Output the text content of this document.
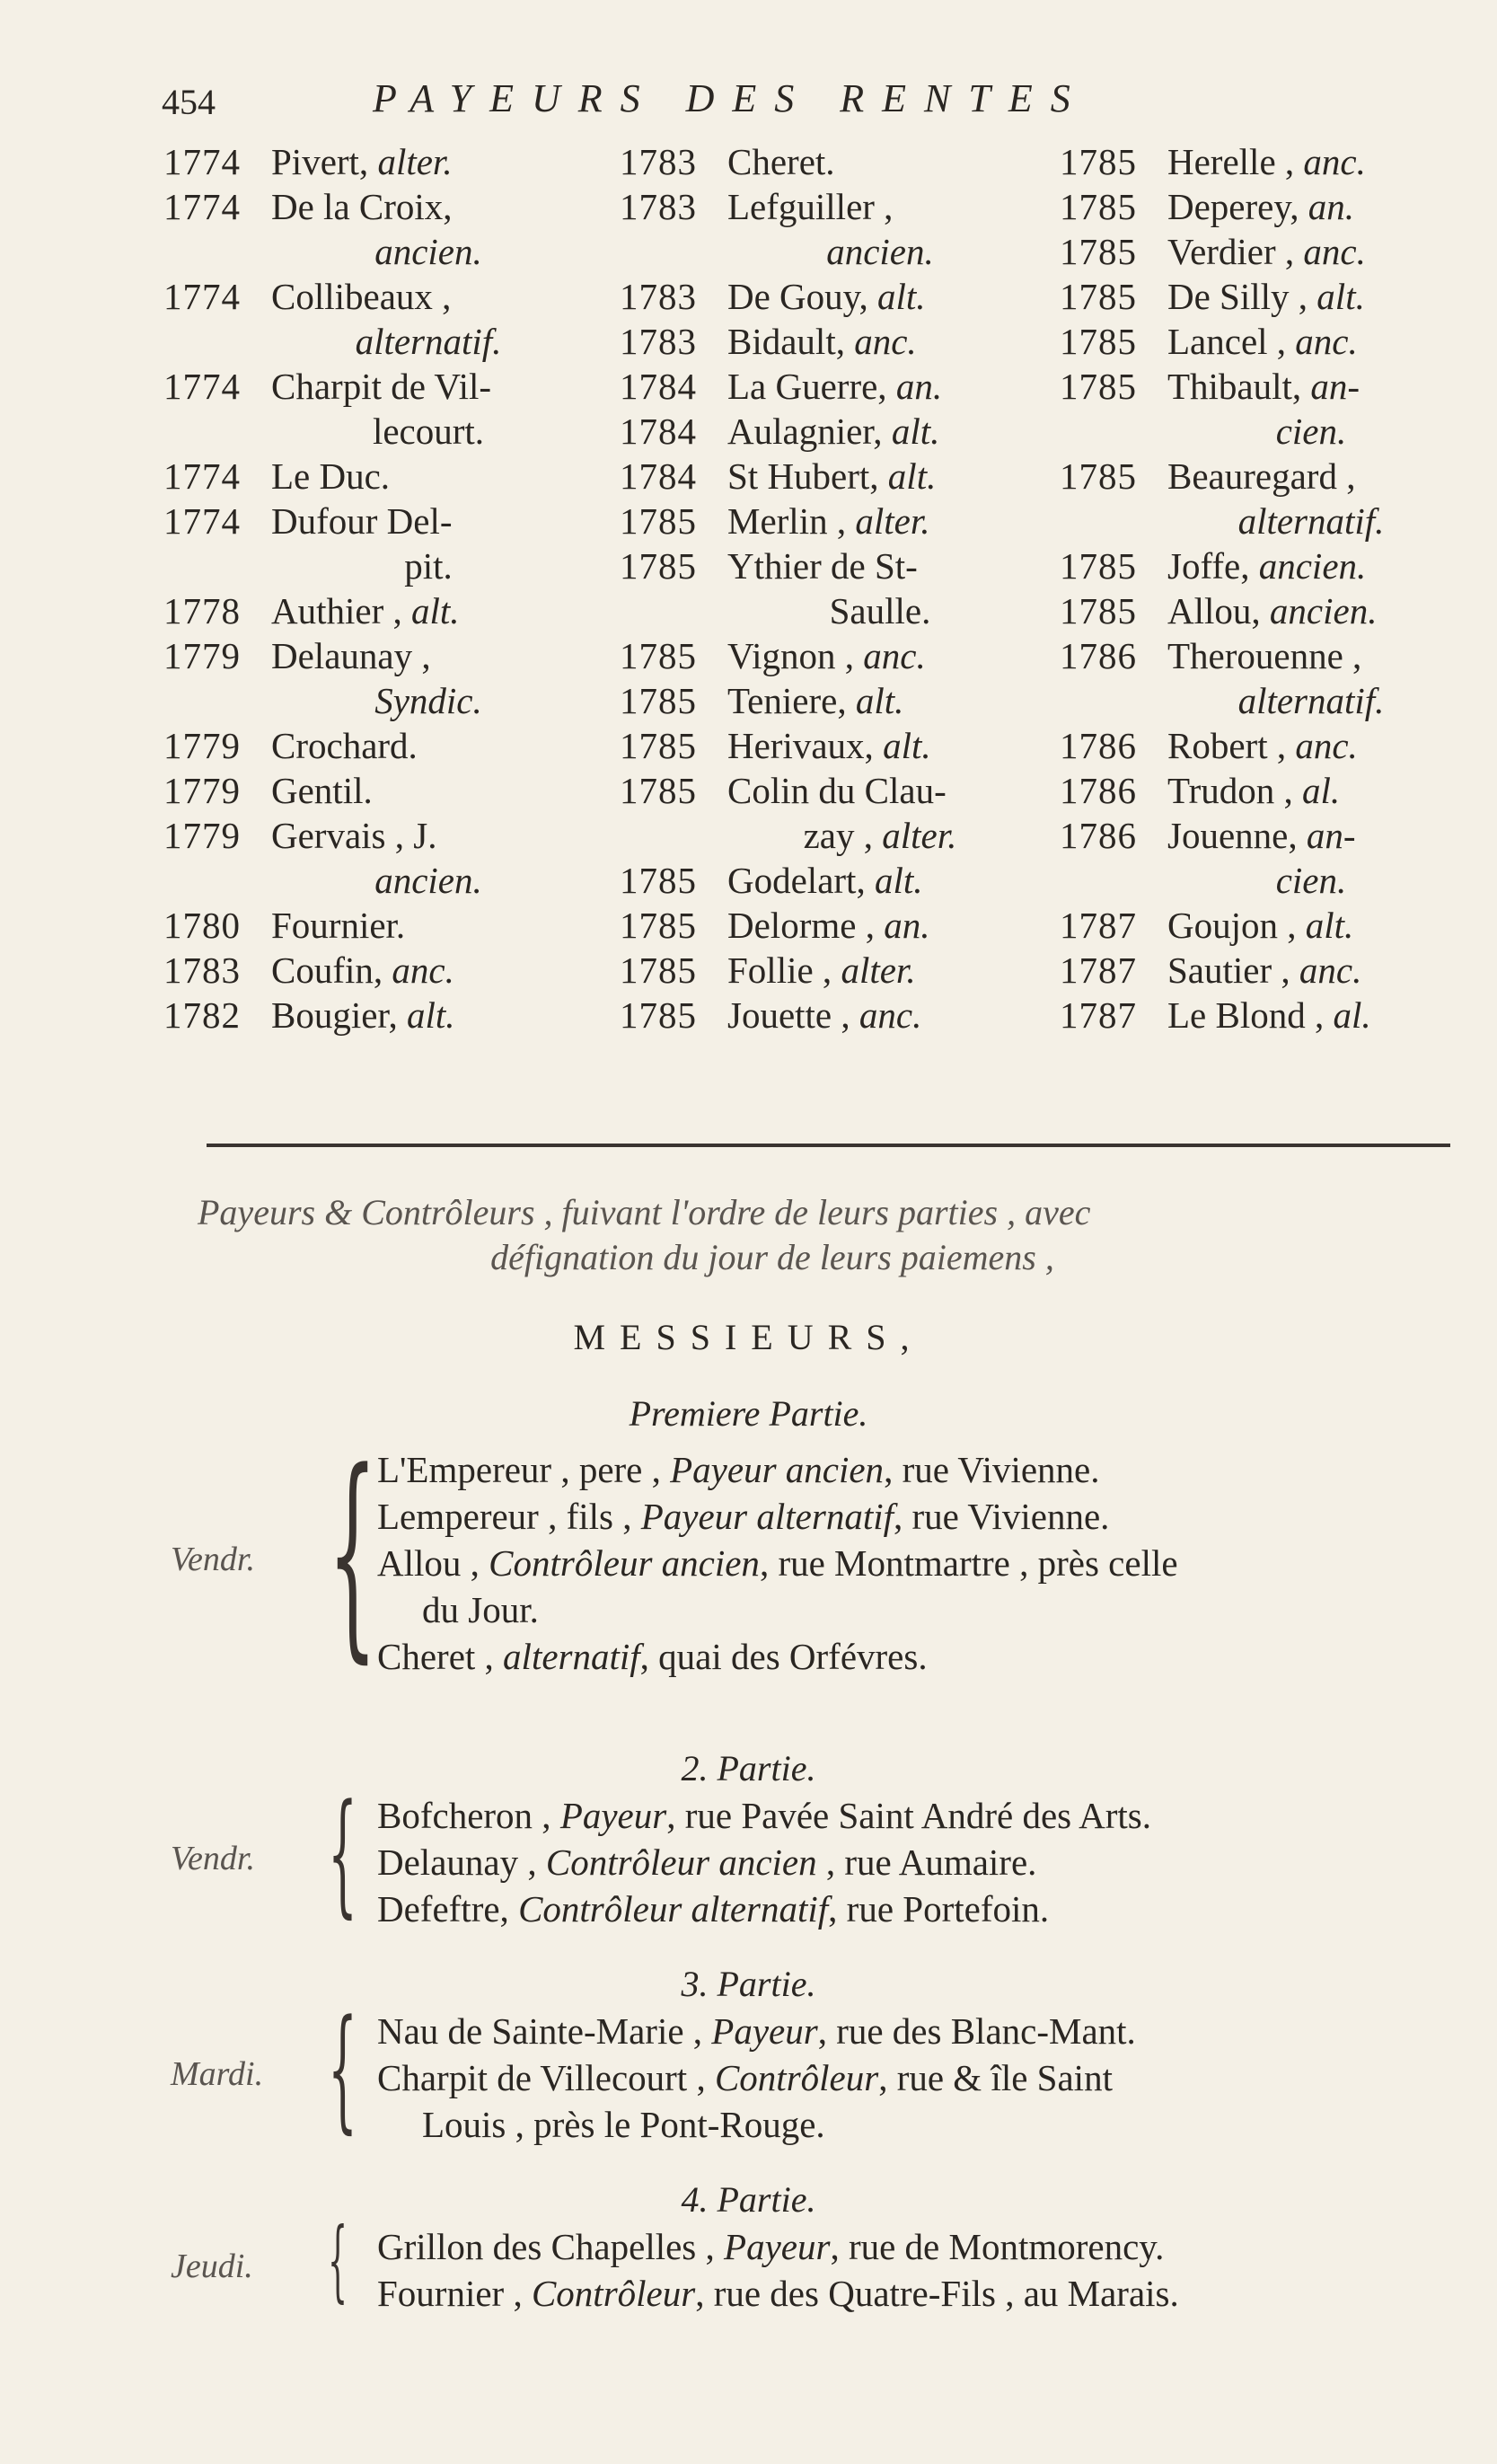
454	PAYEURS DES RENTES
1774 Pivert, alter.
1774 De la Croix,
ancien.
1774 Collibeaux ,
alternatif.
1774 Charpit de Vil-
lecourt.
1774 Le Duc.
1774 Dufour Del-
pit.
1778 Authier , alt.
1779 Delaunay ,
Syndic.
1779 Crochard.
1779 Gentil.
1779 Gervais , J.
ancien.
1780 Fournier.
1783 Coufin, anc.
1782 Bougier, alt.
1783 Cheret.
1783 Lefguiller ,
ancien.
1783 De Gouy, alt.
1783 Bidault, anc.
1784 La Guerre, an.
1784 Aulagnier, alt.
1784 St Hubert, alt.
1785 Merlin , alter.
1785 Ythier de St-
Saulle.
1785 Vignon , anc.
1785 Teniere, alt.
1785 Herivaux, alt.
1785 Colin du Clau-
zay , alter.
1785 Godelart, alt.
1785 Delorme , an.
1785 Follie , alter.
1785 Jouette , anc.
1785 Herelle , anc.
1785 Deperey, an.
1785 Verdier , anc.
1785 De Silly , alt.
1785 Lancel , anc.
1785 Thibault, an-
cien.
1785 Beauregard ,
alternatif.
1785 Joffe, ancien.
1785 Allou, ancien.
1786 Therouenne ,
alternatif.
1786 Robert , anc.
1786 Trudon , al.
1786 Jouenne, an-
cien.
1787 Goujon , alt.
1787 Sautier , anc.
1787 Le Blond , al.
Payeurs & Contrôleurs , fuivant l'ordre de leurs parties , avec
défignation du jour de leurs paiemens ,
MESSIEURS,
Premiere Partie.
Vendr. { L'Empereur , pere , Payeur ancien, rue Vivienne.
Lempereur , fils , Payeur alternatif, rue Vivienne.
Allou , Contrôleur ancien, rue Montmartre , près celle
du Jour.
Cheret , alternatif, quai des Orfévres.
2. Partie.
Vendr. { Bofcheron , Payeur, rue Pavée Saint André des Arts.
Delaunay , Contrôleur ancien , rue Aumaire.
Defeftre, Contrôleur alternatif, rue Portefoin.
3. Partie.
Mardi. { Nau de Sainte-Marie , Payeur, rue des Blanc-Mant.
Charpit de Villecourt , Contrôleur, rue & île Saint
Louis , près le Pont-Rouge.
4. Partie.
Jeudi. { Grillon des Chapelles , Payeur, rue de Montmorency.
Fournier , Contrôleur, rue des Quatre-Fils , au Marais.
